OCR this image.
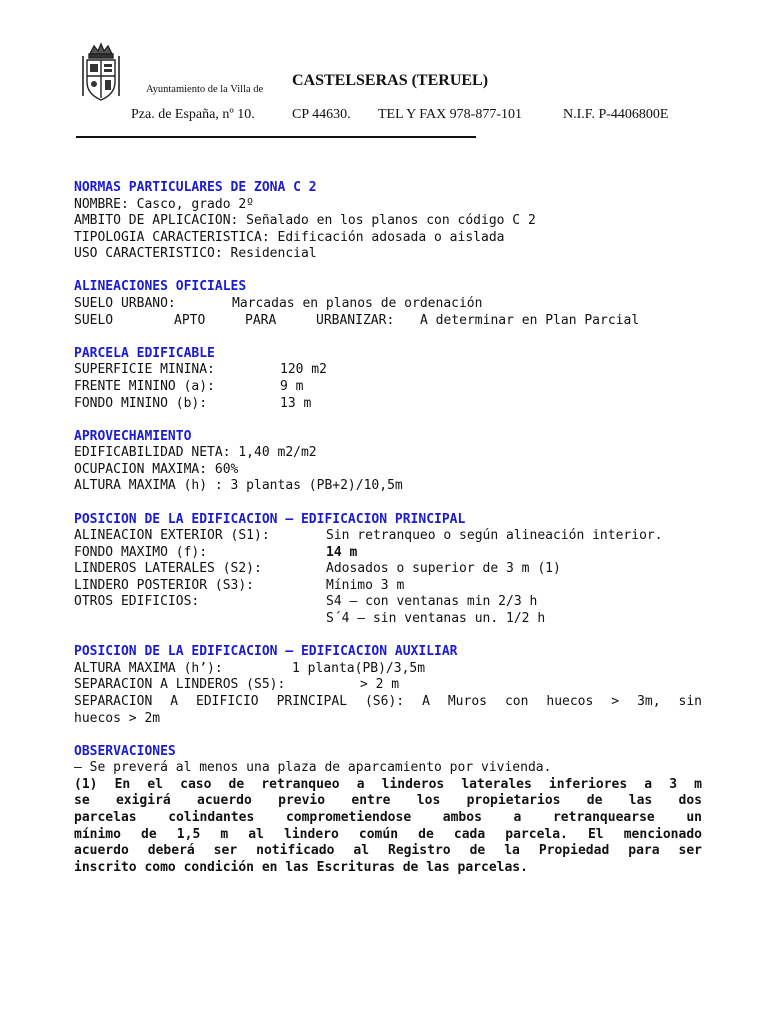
Ayuntamiento de la Villa de
CASTELSERAS (TERUEL)
Pza. de España, nº 10.	CP 44630. TEL Y FAX 978-877-101	N.I.F. P-4406800E
NORMAS PARTICULARES DE ZONA C 2
NOMBRE: Casco, grado 2º
AMBITO DE APLICACION: Señalado en los planos con código C 2
TIPOLOGIA CARACTERISTICA: Edificación adosada o aislada
USO CARACTERISTICO: Residencial
ALINEACIONES OFICIALES
SUELO URBANO:	Marcadas en planos de ordenación
SUELO	APTO	PARA	URBANIZAR: A determinar en Plan Parcial
PARCELA EDIFICABLE
SUPERFICIE MININA:	120 m2
FRENTE MININO (a):	9 m
FONDO MININO (b):	13 m
APROVECHAMIENTO
EDIFICABILIDAD NETA: 1,40 m2/m2
OCUPACION MAXIMA: 60%
ALTURA MAXIMA (h) : 3 plantas (PB+2)/10,5m
POSICION DE LA EDIFICACION – EDIFICACION PRINCIPAL
ALINEACION EXTERIOR (S1):	Sin retranqueo o según alineación interior.
FONDO MAXIMO (f):	14 m
LINDEROS LATERALES (S2):	Adosados o superior de 3 m (1)
LINDERO POSTERIOR (S3):	Mínimo 3 m
OTROS EDIFICIOS:	S4 – con ventanas min 2/3 h
S´4 – sin ventanas un. 1/2 h
POSICION DE LA EDIFICACION – EDIFICACION AUXILIAR
ALTURA MAXIMA (h’):	1 planta(PB)/3,5m
SEPARACION A LINDEROS (S5):	> 2 m
SEPARACION A EDIFICIO PRINCIPAL (S6): A Muros con huecos > 3m, sin
huecos > 2m
OBSERVACIONES
– Se preverá al menos una plaza de aparcamiento por vivienda.
(1) En el caso de retranqueo a linderos laterales inferiores a 3 m
se exigirá acuerdo previo entre los propietarios de las dos
parcelas colindantes comprometiendose ambos a retranquearse un
mínimo de 1,5 m al lindero común de cada parcela. El mencionado
acuerdo deberá ser notificado al Registro de la Propiedad para ser
inscrito como condición en las Escrituras de las parcelas.
